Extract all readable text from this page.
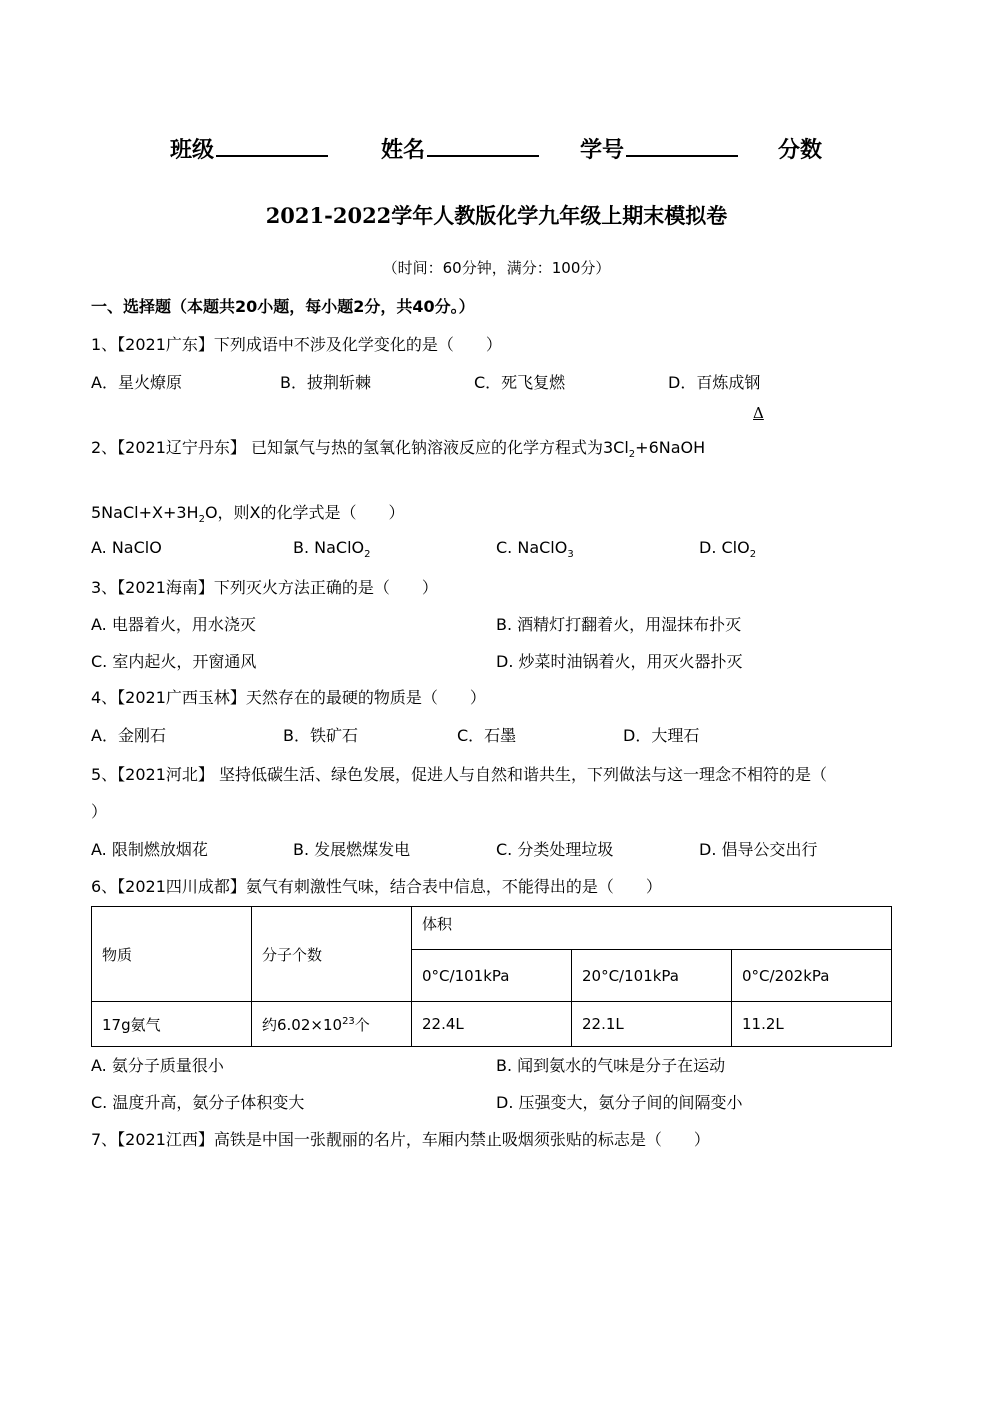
班级	姓名	学号	分数
2021-2022学年人教版化学九年级上期末模拟卷
（时间：60分钟，满分：100分）
一、选择题（本题共20小题，每小题2分，共40分。）
1、【2021广东】下列成语中不涉及化学变化的是（　　）
A．星火燎原	B．披荆斩棘	C．死飞复燃	D．百炼成钢
Δ
2、【2021辽宁丹东】 已知氯气与热的氢氧化钠溶液反应的化学方程式为$3Cl_2+6NaOH$
$5NaCl+X+3H_2O$，则X的化学式是（　　）
A. NaClO	B. NaClO$_2$	C. NaClO$_3$	D. ClO$_2$
3、【2021海南】下列灭火方法正确的是（　　）
A. 电器着火，用水浇灭	B. 酒精灯打翻着火，用湿抹布扑灭
C. 室内起火，开窗通风	D. 炒菜时油锅着火，用灭火器扑灭
4、【2021广西玉林】天然存在的最硬的物质是（　　）
A．金刚石	B．铁矿石	C．石墨	D．大理石
5、【2021河北】 坚持低碳生活、绿色发展，促进人与自然和谐共生，下列做法与这一理念不相符的是（
）
A. 限制燃放烟花	B. 发展燃煤发电	C. 分类处理垃圾	D. 倡导公交出行
6、【2021四川成都】氨气有刺激性气味，结合表中信息，不能得出的是（　　）
物质	分子个数	体积		
		0°C/101kPa	20°C/101kPa	0°C/202kPa
17g氨气	约$6.02\times 10^{23}$个	22.4L	22.1L	11.2L
A. 氨分子质量很小	B. 闻到氨水的气味是分子在运动
C. 温度升高，氨分子体积变大	D. 压强变大，氨分子间的间隔变小
7、【2021江西】高铁是中国一张靓丽的名片，车厢内禁止吸烟须张贴的标志是（　　）
